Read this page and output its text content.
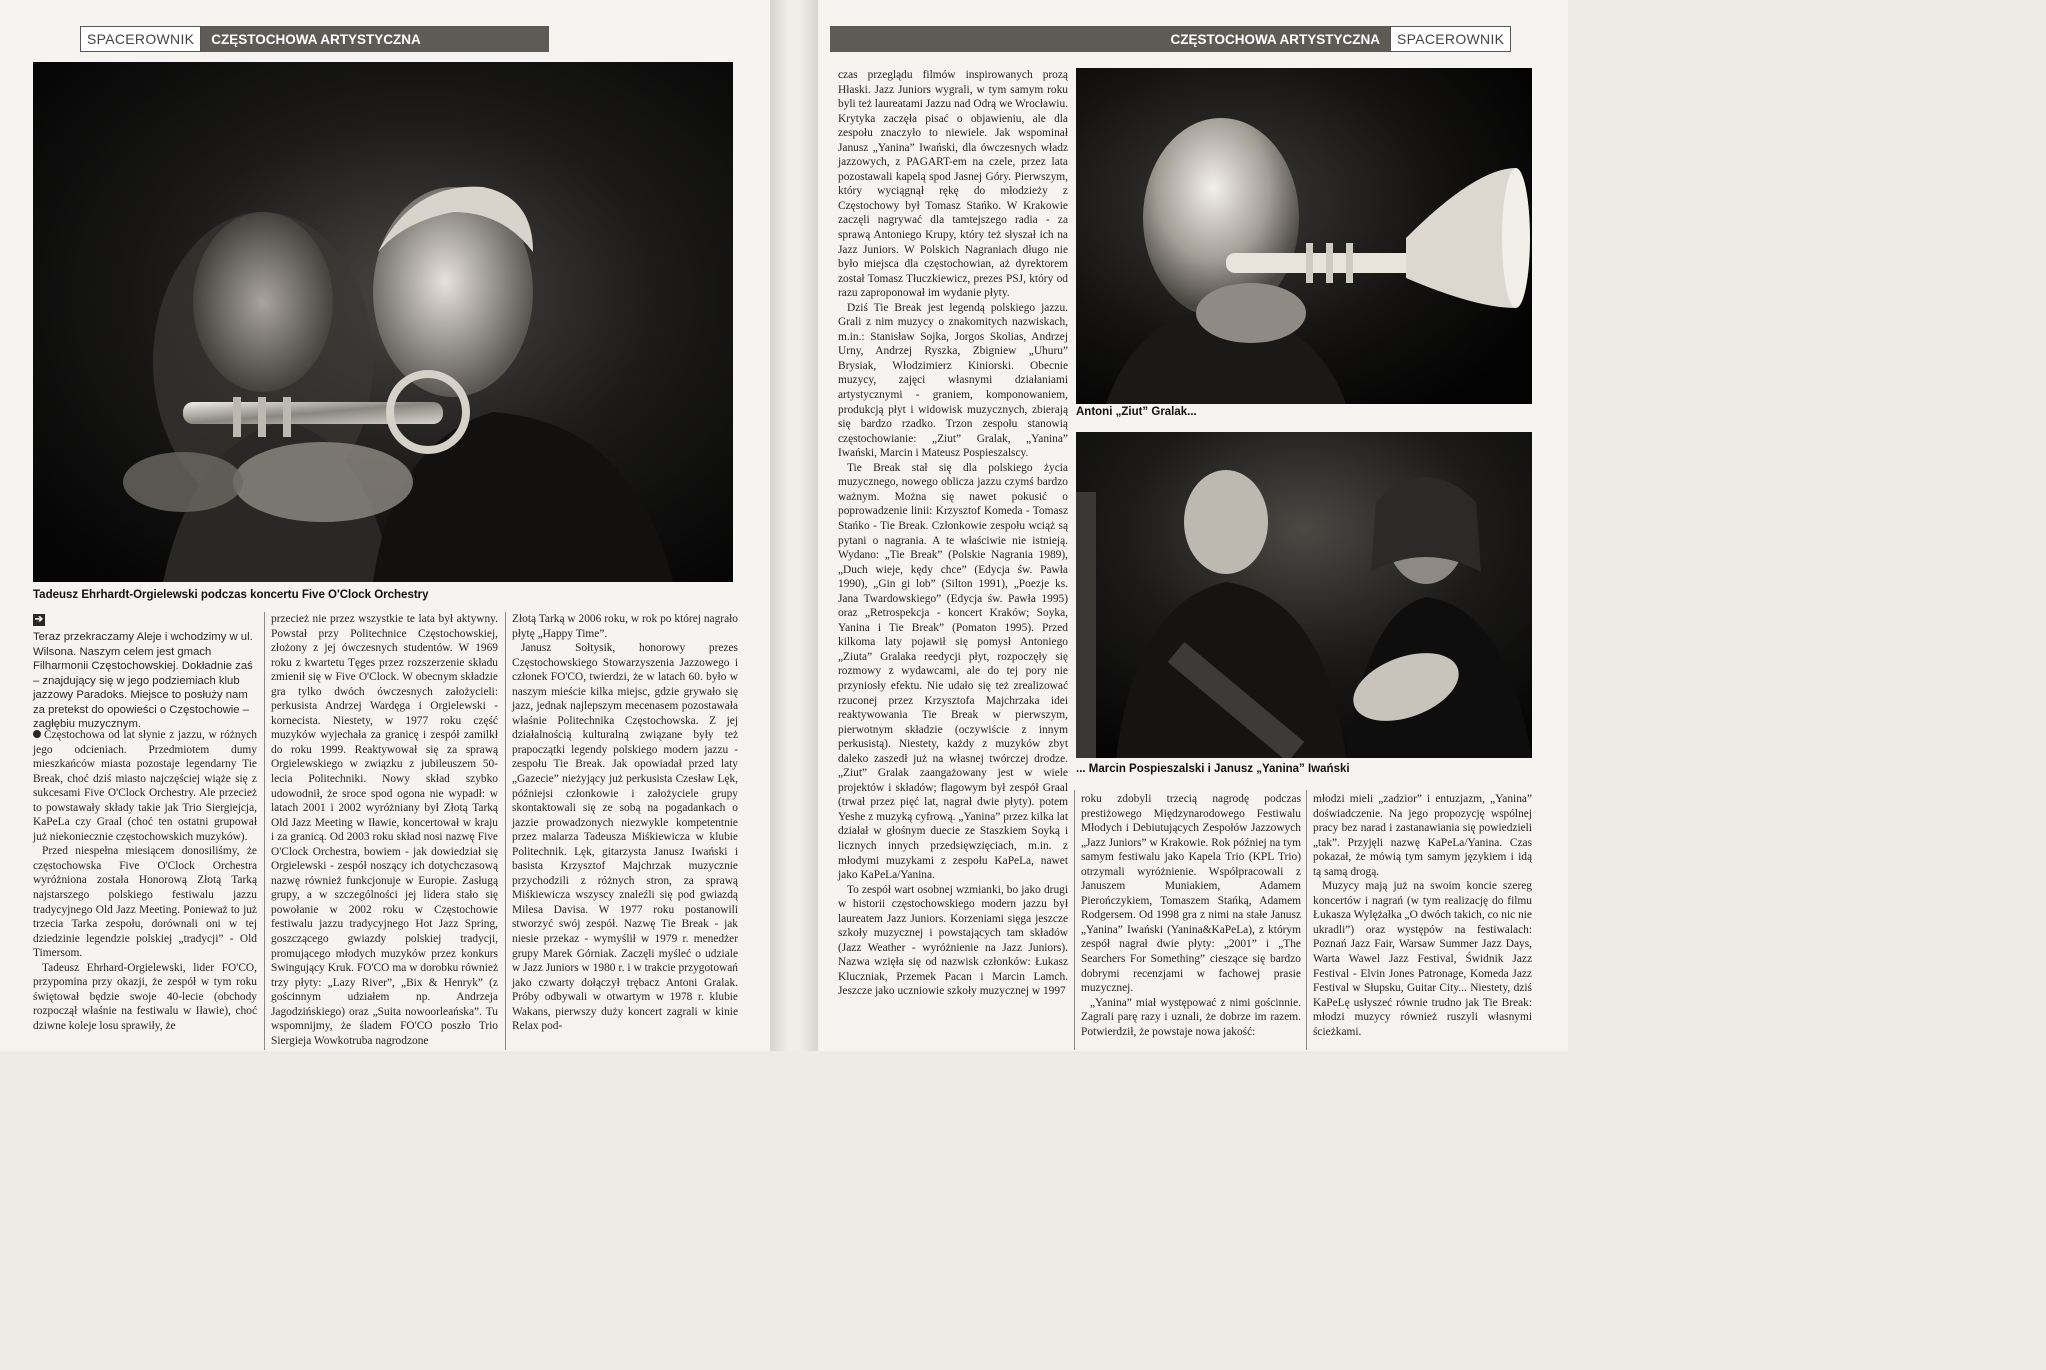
SPACEROWNIK	CZĘSTOCHOWA ARTYSTYCZNA
Tadeusz Ehrhardt-Orgielewski podczas koncertu Five O'Clock Orchestry
➔
Teraz przekraczamy Aleje i wchodzimy w ul. Wilsona. Naszym celem jest gmach Filharmonii Częstochowskiej. Dokładnie zaś – znajdujący się w jego podziemiach klub jazzowy Paradoks. Miejsce to posłuży nam za pretekst do opowieści o Częstochowie – zagłębiu muzycznym.

Częstochowa od lat słynie z jazzu, w różnych jego odcieniach. Przedmiotem dumy mieszkańców miasta pozostaje legendarny Tie Break, choć dziś miasto najczęściej wiąże się z sukcesami Five O'Clock Orchestry. Ale przecież to powstawały składy takie jak Trio Siergiejcja, KaPeLa czy Graal (choć ten ostatni grupował już niekoniecznie częstochowskich muzyków).

Przed niespełna miesiącem donosiliśmy, że częstochowska Five O'Clock Orchestra wyróżniona została Honorową Złotą Tarką najstarszego polskiego festiwalu jazzu tradycyjnego Old Jazz Meeting. Ponieważ to już trzecia Tarka zespołu, dorównali oni w tej dziedzinie legendzie polskiej „tradycji” - Old Timersom.

Tadeusz Ehrhard-Orgielewski, lider FO'CO, przypomina przy okazji, że zespół w tym roku świętował będzie swoje 40-lecie (obchody rozpoczął właśnie na festiwalu w Iławie), choć dziwne koleje losu sprawiły, że

przecież nie przez wszystkie te lata był aktywny. Powstał przy Politechnice Częstochowskiej, złożony z jej ówczesnych studentów. W 1969 roku z kwartetu Tęges przez rozszerzenie składu zmienił się w Five O'Clock. W obecnym składzie gra tylko dwóch ówczesnych założycieli: perkusista Andrzej Wardęga i Orgielewski - kornecista. Niestety, w 1977 roku część muzyków wyjechała za granicę i zespół zamilkł do roku 1999. Reaktywował się za sprawą Orgielewskiego w związku z jubileuszem 50-lecia Politechniki. Nowy skład szybko udowodnił, że sroce spod ogona nie wypadł: w latach 2001 i 2002 wyróżniany był Złotą Tarką Old Jazz Meeting w Iławie, koncertował w kraju i za granicą. Od 2003 roku skład nosi nazwę Five O'Clock Orchestra, bowiem - jak dowiedział się Orgielewski - zespół noszący ich dotychczasową nazwę również funkcjonuje w Europie. Zasługą grupy, a w szczególności jej lidera stało się powołanie w 2002 roku w Częstochowie festiwalu jazzu tradycyjnego Hot Jazz Spring, goszczącego gwiazdy polskiej tradycji, promującego młodych muzyków przez konkurs Swingujący Kruk. FO'CO ma w dorobku również trzy płyty: „Lazy River”, „Bix & Henryk” (z gościnnym udziałem np. Andrzeja Jagodzińskiego) oraz „Suita nowoorleańska”. Tu wspomnijmy, że śladem FO'CO poszło Trio Siergieja Wowkotruba nagrodzone

Złotą Tarką w 2006 roku, w rok po której nagrało płytę „Happy Time”.

Janusz Sołtysik, honorowy prezes Częstochowskiego Stowarzyszenia Jazzowego i członek FO'CO, twierdzi, że w latach 60. było w naszym mieście kilka miejsc, gdzie grywało się jazz, jednak najlepszym mecenasem pozostawała właśnie Politechnika Częstochowska. Z jej działalnością kulturalną związane były też prapoczątki legendy polskiego modern jazzu - zespołu Tie Break. Jak opowiadał przed laty „Gazecie” nieżyjący już perkusista Czesław Lęk, późniejsi członkowie i założyciele grupy skontaktowali się ze sobą na pogadankach o jazzie prowadzonych niezwykle kompetentnie przez malarza Tadeusza Miśkiewicza w klubie Politechnik. Lęk, gitarzysta Janusz Iwański i basista Krzysztof Majchrzak muzycznie przychodzili z różnych stron, za sprawą Miśkiewicza wszyscy znaleźli się pod gwiazdą Milesa Davisa. W 1977 roku postanowili stworzyć swój zespół. Nazwę Tie Break - jak niesie przekaz - wymyślił w 1979 r. menedżer grupy Marek Górniak. Zaczęli myśleć o udziale w Jazz Juniors w 1980 r. i w trakcie przygotowań jako czwarty dołączył trębacz Antoni Gralak. Próby odbywali w otwartym w 1978 r. klubie Wakans, pierwszy duży koncert zagrali w kinie Relax pod-

CZĘSTOCHOWA ARTYSTYCZNA	SPACEROWNIK

czas przeglądu filmów inspirowanych prozą Hłaski. Jazz Juniors wygrali, w tym samym roku byli też laureatami Jazzu nad Odrą we Wrocławiu. Krytyka zaczęła pisać o objawieniu, ale dla zespołu znaczyło to niewiele. Jak wspominał Janusz „Yanina” Iwański, dla ówczesnych władz jazzowych, z PAGART-em na czele, przez lata pozostawali kapelą spod Jasnej Góry. Pierwszym, który wyciągnął rękę do młodzieży z Częstochowy był Tomasz Stańko. W Krakowie zaczęli nagrywać dla tamtejszego radia - za sprawą Antoniego Krupy, który też słyszał ich na Jazz Juniors. W Polskich Nagraniach długo nie było miejsca dla częstochowian, aż dyrektorem został Tomasz Tłuczkiewicz, prezes PSJ, który od razu zaproponował im wydanie płyty.

Dziś Tie Break jest legendą polskiego jazzu. Grali z nim muzycy o znakomitych nazwiskach, m.in.: Stanisław Sojka, Jorgos Skolias, Andrzej Urny, Andrzej Ryszka, Zbigniew „Uhuru” Brysiak, Włodzimierz Kiniorski. Obecnie muzycy, zajęci własnymi działaniami artystycznymi - graniem, komponowaniem, produkcją płyt i widowisk muzycznych, zbierają się bardzo rzadko. Trzon zespołu stanowią częstochowianie: „Ziut” Gralak, „Yanina” Iwański, Marcin i Mateusz Pospieszalscy.

Tie Break stał się dla polskiego życia muzycznego, nowego oblicza jazzu czymś bardzo ważnym. Można się nawet pokusić o poprowadzenie linii: Krzysztof Komeda - Tomasz Stańko - Tie Break. Członkowie zespołu wciąż są pytani o nagrania. A te właściwie nie istnieją. Wydano: „Tie Break” (Polskie Nagrania 1989), „Duch wieje, kędy chce” (Edycja św. Pawła 1990), „Gin gi lob” (Silton 1991), „Poezje ks. Jana Twardowskiego” (Edycja św. Pawła 1995) oraz „Retrospekcja - koncert Kraków; Soyka, Yanina i Tie Break” (Pomaton 1995). Przed kilkoma laty pojawił się pomysł Antoniego „Ziuta” Gralaka reedycji płyt, rozpoczęły się rozmowy z wydawcami, ale do tej pory nie przyniosły efektu. Nie udało się też zrealizować rzuconej przez Krzysztofa Majchrzaka idei reaktywowania Tie Break w pierwszym, pierwotnym składzie (oczywiście z innym perkusistą). Niestety, każdy z muzyków zbyt daleko zaszedł już na własnej twórczej drodze. „Ziut” Gralak zaangażowany jest w wiele projektów i składów; flagowym był zespół Graal (trwał przez pięć lat, nagrał dwie płyty). potem Yeshe z muzyką cyfrową. „Yanina” przez kilka lat działał w głośnym duecie ze Staszkiem Soyką i licznych innych przedsięwzięciach, m.in. z młodymi muzykami z zespołu KaPeLa, nawet jako KaPeLa/Yanina.

To zespół wart osobnej wzmianki, bo jako drugi w historii częstochowskiego modern jazzu był laureatem Jazz Juniors. Korzeniami sięga jeszcze szkoły muzycznej i powstających tam składów (Jazz Weather - wyróżnienie na Jazz Juniors). Nazwa wzięła się od nazwisk członków: Łukasz Kluczniak, Przemek Pacan i Marcin Lamch. Jeszcze jako uczniowie szkoły muzycznej w 1997

Antoni „Ziut” Gralak...
... Marcin Pospieszalski i Janusz „Yanina” Iwański

roku zdobyli trzecią nagrodę podczas prestiżowego Międzynarodowego Festiwalu Młodych i Debiutujących Zespołów Jazzowych „Jazz Juniors” w Krakowie. Rok później na tym samym festiwalu jako Kapela Trio (KPL Trio) otrzymali wyróżnienie. Współpracowali z Januszem Muniakiem, Adamem Pierończykiem, Tomaszem Stańką, Adamem Rodgersem. Od 1998 gra z nimi na stałe Janusz „Yanina” Iwański (Yanina&KaPeLa), z którym zespół nagrał dwie płyty: „2001” i „The Searchers For Something” cieszące się bardzo dobrymi recenzjami w fachowej prasie muzycznej.

„Yanina” miał występować z nimi gościnnie. Zagrali parę razy i uznali, że dobrze im razem. Potwierdził, że powstaje nowa jakość:

młodzi mieli „zadzior” i entuzjazm, „Yanina” doświadczenie. Na jego propozycję wspólnej pracy bez narad i zastanawiania się powiedzieli „tak”. Przyjęli nazwę KaPeLa/Yanina. Czas pokazał, że mówią tym samym językiem i idą tą samą drogą.

Muzycy mają już na swoim koncie szereg koncertów i nagrań (w tym realizację do filmu Łukasza Wylężałka „O dwóch takich, co nic nie ukradli”) oraz występów na festiwalach: Poznań Jazz Fair, Warsaw Summer Jazz Days, Warta Wawel Jazz Festival, Świdnik Jazz Festival - Elvin Jones Patronage, Komeda Jazz Festival w Słupsku, Guitar City... Niestety, dziś KaPeLę usłyszeć równie trudno jak Tie Break: młodzi muzycy również ruszyli własnymi ścieżkami.
